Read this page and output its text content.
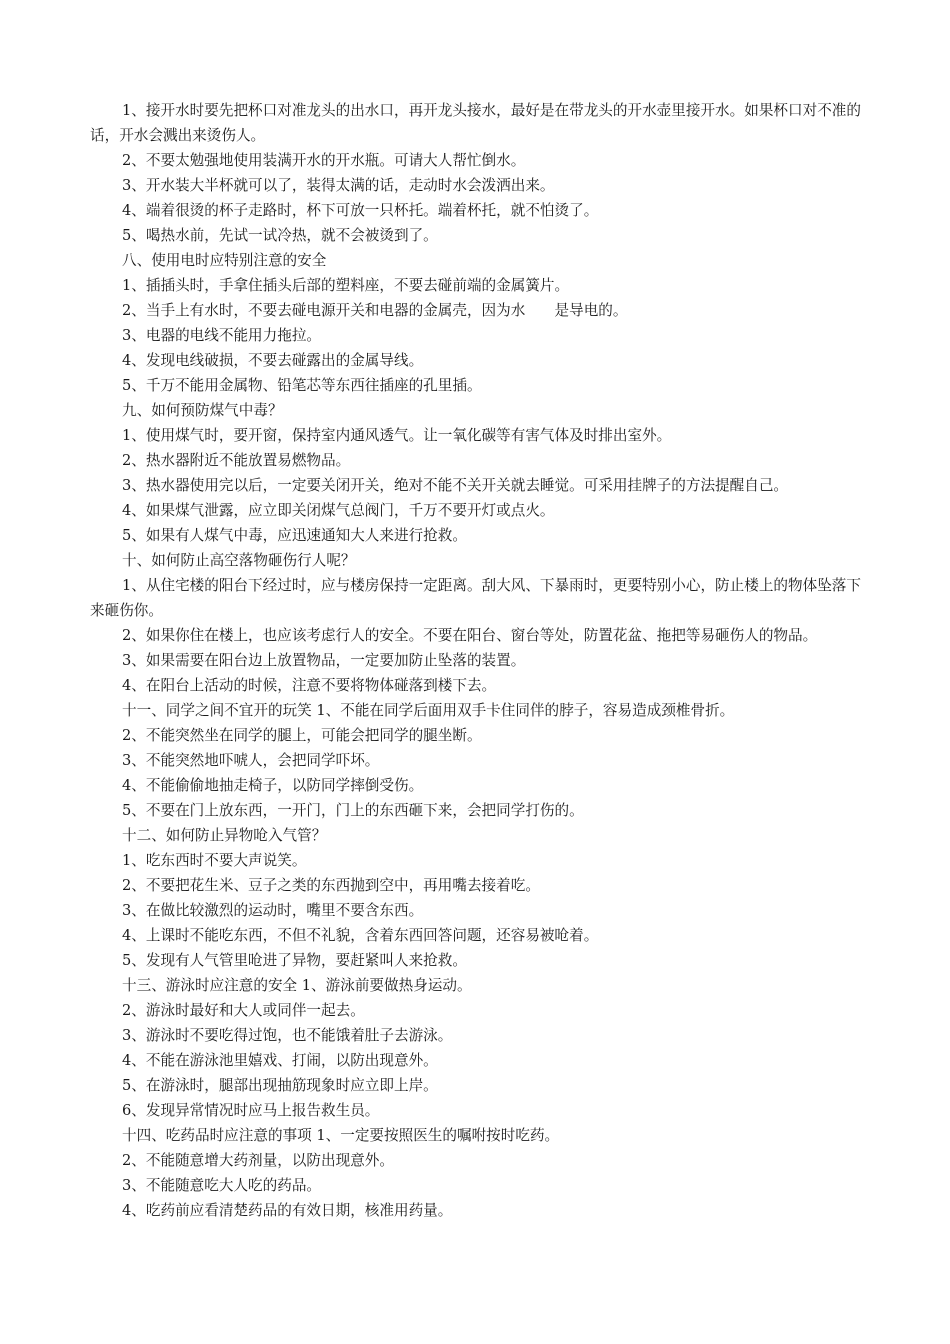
1、接开水时要先把杯口对准龙头的出水口，再开龙头接水，最好是在带龙头的开水壶里接开水。如果杯口对不准的话，开水会溅出来烫伤人。

2、不要太勉强地使用装满开水的开水瓶。可请大人帮忙倒水。

3、开水装大半杯就可以了，装得太满的话，走动时水会泼洒出来。

4、端着很烫的杯子走路时，杯下可放一只杯托。端着杯托，就不怕烫了。

5、喝热水前，先试一试冷热，就不会被烫到了。

八、使用电时应特别注意的安全

1、插插头时，手拿住插头后部的塑料座，不要去碰前端的金属簧片。

2、当手上有水时，不要去碰电源开关和电器的金属壳，因为水　　是导电的。

3、电器的电线不能用力拖拉。

4、发现电线破损，不要去碰露出的金属导线。

5、千万不能用金属物、铅笔芯等东西往插座的孔里插。

九、如何预防煤气中毒？

1、使用煤气时，要开窗，保持室内通风透气。让一氧化碳等有害气体及时排出室外。

2、热水器附近不能放置易燃物品。

3、热水器使用完以后，一定要关闭开关，绝对不能不关开关就去睡觉。可采用挂牌子的方法提醒自己。

4、如果煤气泄露，应立即关闭煤气总阀门，千万不要开灯或点火。

5、如果有人煤气中毒，应迅速通知大人来进行抢救。

十、如何防止高空落物砸伤行人呢？

1、从住宅楼的阳台下经过时，应与楼房保持一定距离。刮大风、下暴雨时，更要特别小心，防止楼上的物体坠落下来砸伤你。

2、如果你住在楼上，也应该考虑行人的安全。不要在阳台、窗台等处，防置花盆、拖把等易砸伤人的物品。

3、如果需要在阳台边上放置物品，一定要加防止坠落的装置。

4、在阳台上活动的时候，注意不要将物体碰落到楼下去。

十一、同学之间不宜开的玩笑 1、不能在同学后面用双手卡住同伴的脖子，容易造成颈椎骨折。

2、不能突然坐在同学的腿上，可能会把同学的腿坐断。

3、不能突然地吓唬人，会把同学吓坏。

4、不能偷偷地抽走椅子，以防同学摔倒受伤。

5、不要在门上放东西，一开门，门上的东西砸下来，会把同学打伤的。

十二、如何防止异物呛入气管？

1、吃东西时不要大声说笑。

2、不要把花生米、豆子之类的东西抛到空中，再用嘴去接着吃。

3、在做比较激烈的运动时，嘴里不要含东西。

4、上课时不能吃东西，不但不礼貌，含着东西回答问题，还容易被呛着。

5、发现有人气管里呛进了异物，要赶紧叫人来抢救。

十三、游泳时应注意的安全 1、游泳前要做热身运动。

2、游泳时最好和大人或同伴一起去。

3、游泳时不要吃得过饱，也不能饿着肚子去游泳。

4、不能在游泳池里嬉戏、打闹，以防出现意外。

5、在游泳时，腿部出现抽筋现象时应立即上岸。

6、发现异常情况时应马上报告救生员。

十四、吃药品时应注意的事项 1、一定要按照医生的嘱咐按时吃药。

2、不能随意增大药剂量，以防出现意外。

3、不能随意吃大人吃的药品。

4、吃药前应看清楚药品的有效日期，核准用药量。
